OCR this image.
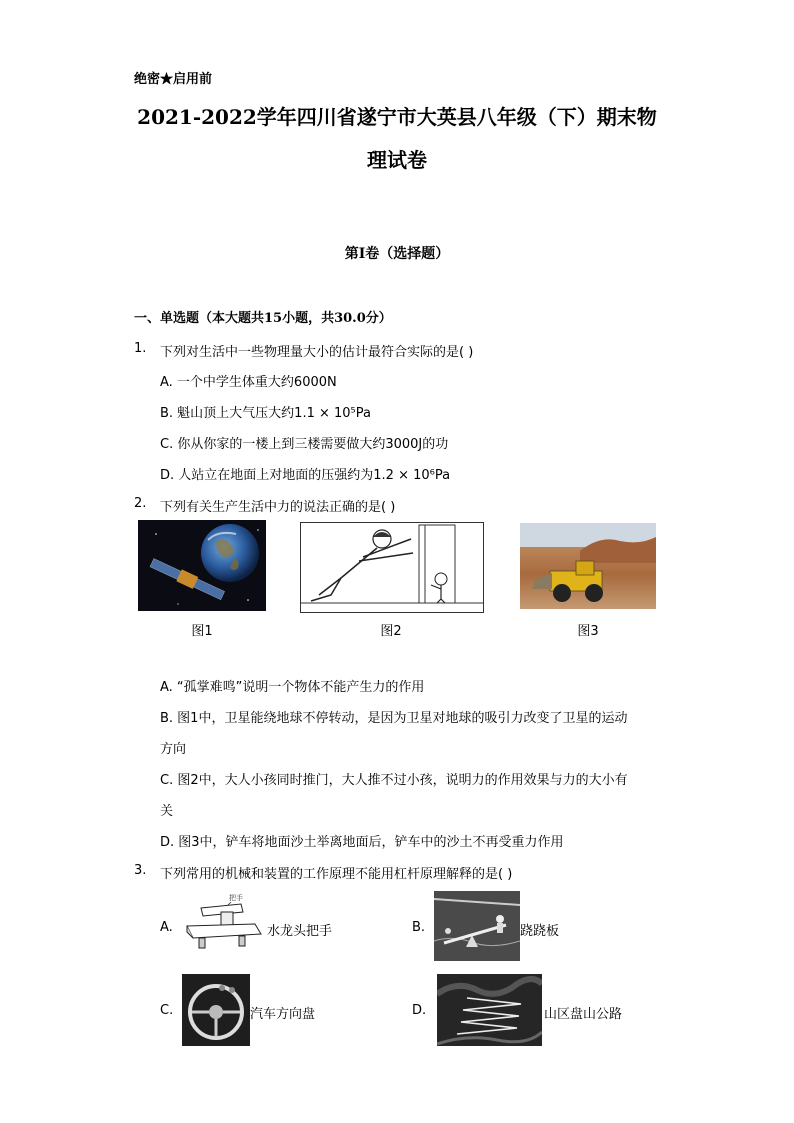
绝密★启用前
2021-2022学年四川省遂宁市大英县八年级（下）期末物
理试卷
第I卷（选择题）
一、单选题（本大题共15小题，共30.0分）
1. 下列对生活中一些物理量大小的估计最符合实际的是( )
A. 一个中学生体重大约6000N
B. 魁山顶上大气压大约1.1 × 10⁵Pa
C. 你从你家的一楼上到三楼需要做大约3000J的功
D. 人站立在地面上对地面的压强约为1.2 × 10⁶Pa
2. 下列有关生产生活中力的说法正确的是( )
图1	图2	图3
A. “孤掌难鸣”说明一个物体不能产生力的作用
B. 图1中，卫星能绕地球不停转动，是因为卫星对地球的吸引力改变了卫星的运动
方向
C. 图2中，大人小孩同时推门，大人推不过小孩，说明力的作用效果与力的大小有
关
D. 图3中，铲车将地面沙土举离地面后，铲车中的沙土不再受重力作用
3. 下列常用的机械和装置的工作原理不能用杠杆原理解释的是( )
A.
把手
水龙头把手	B.	跷跷板
C.	汽车方向盘	D.	山区盘山公路
